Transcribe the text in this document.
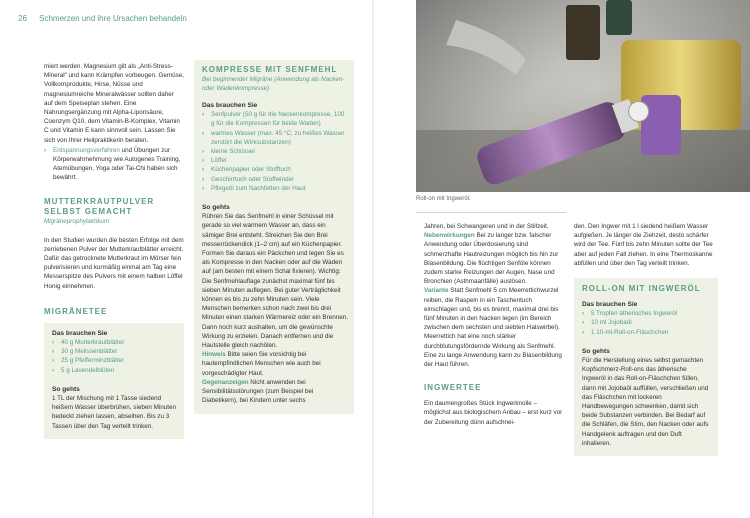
26 Schmerzen und ihre Ursachen behandeln

miert werden. Magnesium gilt als „Anti-Stress-Mineral“ und kann Krämpfen vorbeugen. Gemüse, Vollkornprodukte, Hirse, Nüsse und magnesiumreiche Mineralwässer sollten daher auf dem Speiseplan stehen. Eine Nahrungsergänzung mit Alpha-Liponsäure, Coenzym Q10, dem Vitamin-B-Komplex, Vitamin C und Vitamin E kann sinnvoll sein. Lassen Sie sich von Ihrer Heilpraktikerin beraten.

› Entspannungsverfahren und Übungen zur Körperwahrnehmung wie Autogenes Training, Atemübungen, Yoga oder Tai-Chi haben sich bewährt.
MUTTERKRAUTPULVER SELBST GEMACHT
Migräneprophylaktikum

In den Studien wurden die besten Erfolge mit dem zerriebenen Pulver der Mutterkrautblätter erreicht. Dafür das getrocknete Mutterkraut im Mörser fein pulverisieren und kurmäßig einmal am Tag eine Messerspitze des Pulvers mit einem halben Löffel Honig einnehmen.

MIGRÄNETEE
Das brauchen Sie
› 40 g Mutterkrautblätter
› 30 g Melissenblätter
› 25 g Pfefferminzblätter
› 5 g Lavendelblüten
So gehts

1 TL der Mischung mit 1 Tasse siedend heißem Wasser überbrühen, sieben Minuten bedeckt ziehen lassen, abseihen. Bis zu 3 Tassen über den Tag verteilt trinken.

KOMPRESSE MIT SENFMEHL
Bei beginnender Migräne (Anwendung als Nacken- oder Wadenkompresse)
Das brauchen Sie
› Senfpulver (50 g für die Nackenkompresse, 100 g für die Kompressen für beide Waden)
› warmes Wasser (max. 45 °C; zu heißes Wasser zerstört die Wirksubstanzen)
› kleine Schüssel
› Löffel
› Küchenpapier oder Stofftuch
› Geschirrtuch oder Stoffwindel
› Pflegeöl zum Nachfetten der Haut
So gehts

Rühren Sie das Senfmehl in einer Schüssel mit gerade so viel warmem Wasser an, dass ein sämiger Brei entsteht. Streichen Sie den Brei messerrückendick (1–2 cm) auf ein Küchenpapier. Formen Sie daraus ein Päckchen und legen Sie es als Kompresse in den Nacken oder auf die Waden auf (am besten mit einem Schal fixieren). Wichtig: Die Senfmehlauflage zunächst maximal fünf bis sieben Minuten auflegen. Bei guter Verträglichkeit können es bis zu zehn Minuten sein. Viele Menschen bemerken schon nach zwei bis drei Minuten einen starken Wärmereiz oder ein Brennen. Dann noch kurz aushalten, um die gewünschte Wirkung zu erzielen. Danach entfernen und die Hautstelle gleich nachölen.

Hinweis Bitte seien Sie vorsichtig bei hautempfindlichen Menschen wie auch bei vorgeschädigter Haut.

Gegenanzeigen Nicht anwenden bei Sensibilitätsstörungen (zum Beispiel bei Diabetikern), bei Kindern unter sechs

Roll-on mit Ingweröl.

Jahren, bei Schwangeren und in der Stillzeit.

Nebenwirkungen Bei zu langer bzw. falscher Anwendung oder Überdosierung sind schmerzhafte Hautreizungen möglich bis hin zur Blasenbildung. Die flüchtigen Senföle können zudem starke Reizungen der Augen, Nase und Bronchien (Asthmaanfälle) auslösen.

Variante Statt Senfmehl 5 cm Meerrettichwurzel reiben, die Raspeln in ein Taschentuch einschlagen und, bis es brennt, maximal drei bis fünf Minuten in den Nacken legen (im Bereich zwischen dem sechsten und siebten Halswirbel). Meerrettich hat eine noch stärker durchblutungsfördernde Wirkung als Senfmehl. Eine zu lange Anwendung kann zu Blasenbildung der Haut führen.

INGWERTEE

Ein daumengroßes Stück Ingwerknolle – möglichst aus biologischem Anbau – erst kurz vor der Zubereitung dünn aufschnei-

den. Den Ingwer mit 1 l siedend heißem Wasser aufgießen. Je länger die Ziehzeit, desto schärfer wird der Tee. Fünf bis zehn Minuten sollte der Tee aber auf jeden Fall ziehen. In eine Thermoskanne abfüllen und über den Tag verteilt trinken.

ROLL-ON MIT INGWERÖL
Das brauchen Sie
› 5 Tropfen ätherisches Ingweröl
› 10 ml Jojobaöl
› 1 10-ml-Roll-on-Fläschchen
So gehts

Für die Herstellung eines selbst gemachten Kopfschmerz-Roll-ons das ätherische Ingweröl in das Roll-on-Fläschchen füllen, dann mit Jojobaöl auffüllen, verschließen und das Fläschchen mit lockeren Handbewegungen schwenken, damit sich beide Substanzen verbinden. Bei Bedarf auf die Schläfen, die Stirn, den Nacken oder aufs Handgelenk auftragen und den Duft inhalieren.
